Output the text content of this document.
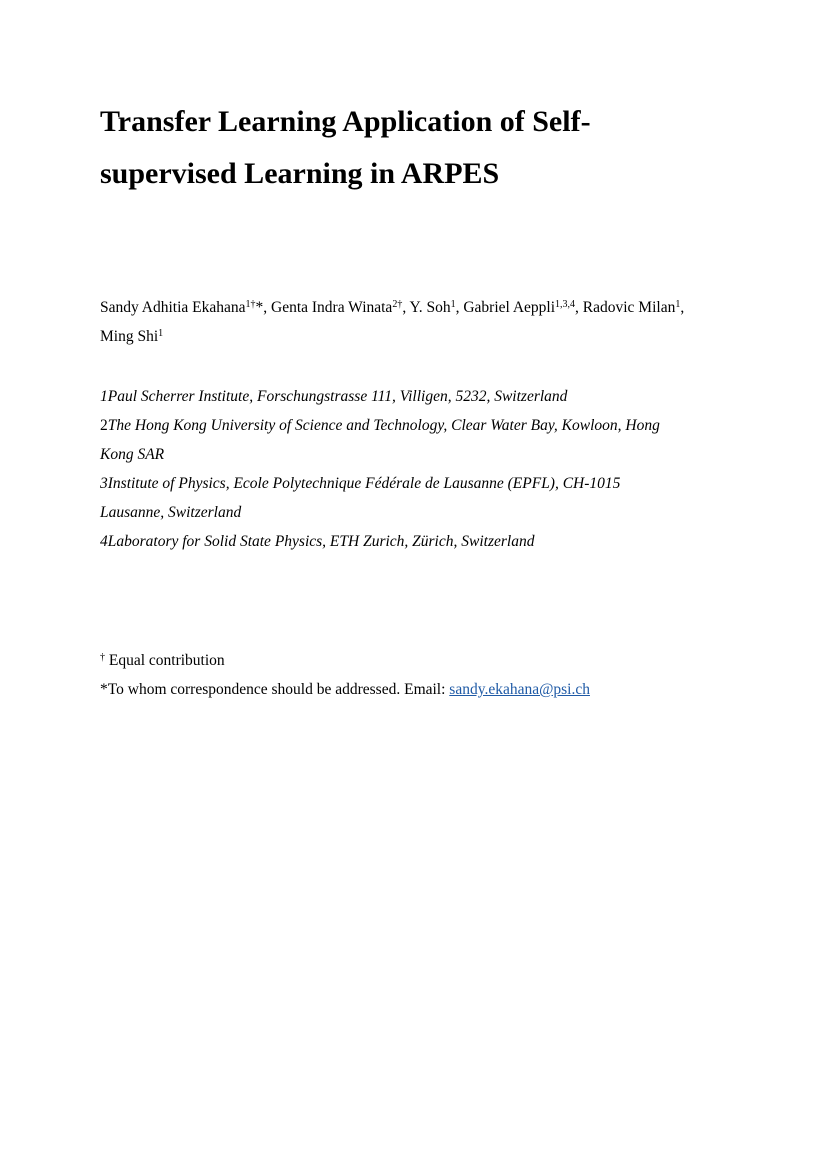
Transfer Learning Application of Self-
supervised Learning in ARPES
Sandy Adhitia Ekahana$^{1\dagger}$*, Genta Indra Winata$^{2\dagger}$, Y. Soh$^1$, Gabriel Aeppli$^{1,3,4}$, Radovic Milan$^1$,
Ming Shi$^1$
1Paul Scherrer Institute, Forschungstrasse 111, Villigen, 5232, Switzerland
2The Hong Kong University of Science and Technology, Clear Water Bay, Kowloon, Hong
Kong SAR
3Institute of Physics, Ecole Polytechnique Fédérale de Lausanne (EPFL), CH-1015
Lausanne, Switzerland
4Laboratory for Solid State Physics, ETH Zurich, Zürich, Switzerland
† Equal contribution
*To whom correspondence should be addressed. Email: sandy.ekahana@psi.ch
